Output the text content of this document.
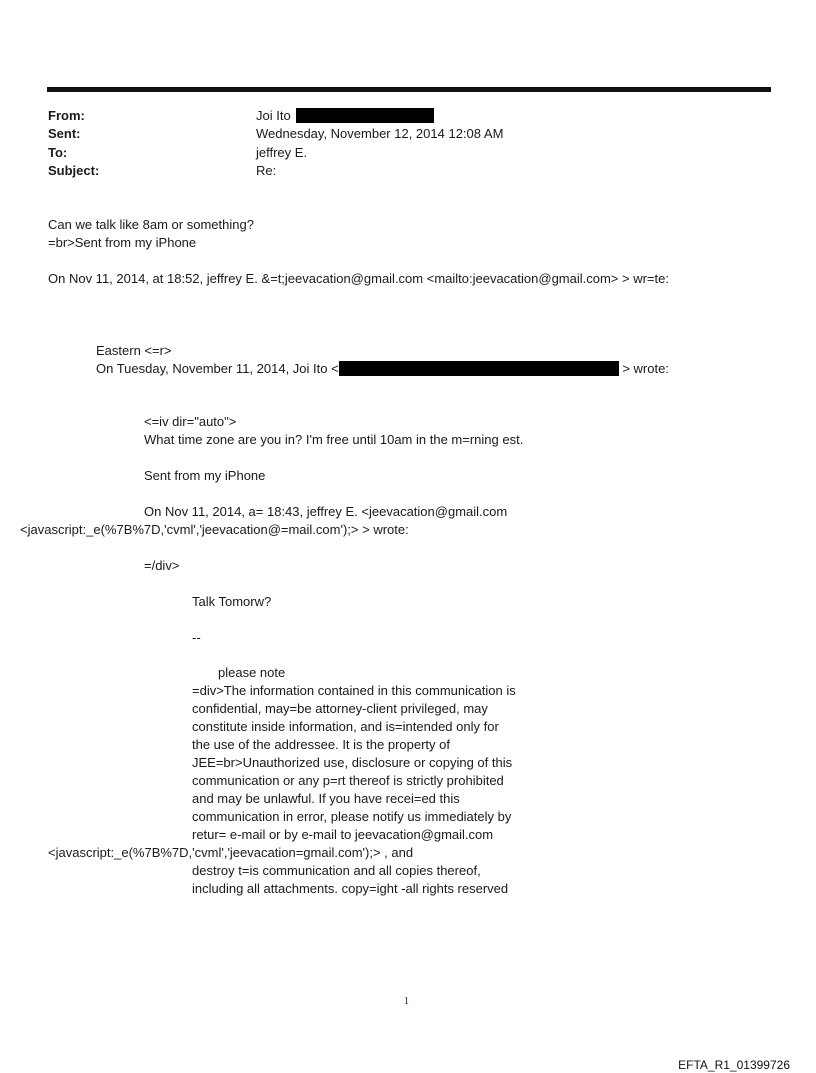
From:	Joi Ito
Sent:	Wednesday, November 12, 2014 12:08 AM
To:	jeffrey E.
Subject:	Re:
Can we talk like 8am or something?
=br>Sent from my iPhone
On Nov 11, 2014, at 18:52, jeffrey E. &=t;jeevacation@gmail.com <mailto:jeevacation@gmail.com> > wr=te:
Eastern <=r>
On Tuesday, November 11, 2014, Joi Ito <	> wrote:
<=iv dir="auto">
What time zone are you in? I'm free until 10am in the m=rning est.
Sent from my iPhone
On Nov 11, 2014, a= 18:43, jeffrey E. <jeevacation@gmail.com
<javascript:_e(%7B%7D,'cvml','jeevacation@=mail.com');> > wrote:
=/div>
Talk Tomorw?
--
please note
=div>The information contained in this communication is
confidential, may=be attorney-client privileged, may
constitute inside information, and is=intended only for
the use of the addressee. It is the property of
JEE=br>Unauthorized use, disclosure or copying of this
communication or any p=rt thereof is strictly prohibited
and may be unlawful. If you have recei=ed this
communication in error, please notify us immediately by
retur= e-mail or by e-mail to jeevacation@gmail.com
<javascript:_e(%7B%7D,'cvml','jeevacation=gmail.com');> , and
destroy t=is communication and all copies thereof,
including all attachments. copy=ight -all rights reserved
1
EFTA_R1_01399726
